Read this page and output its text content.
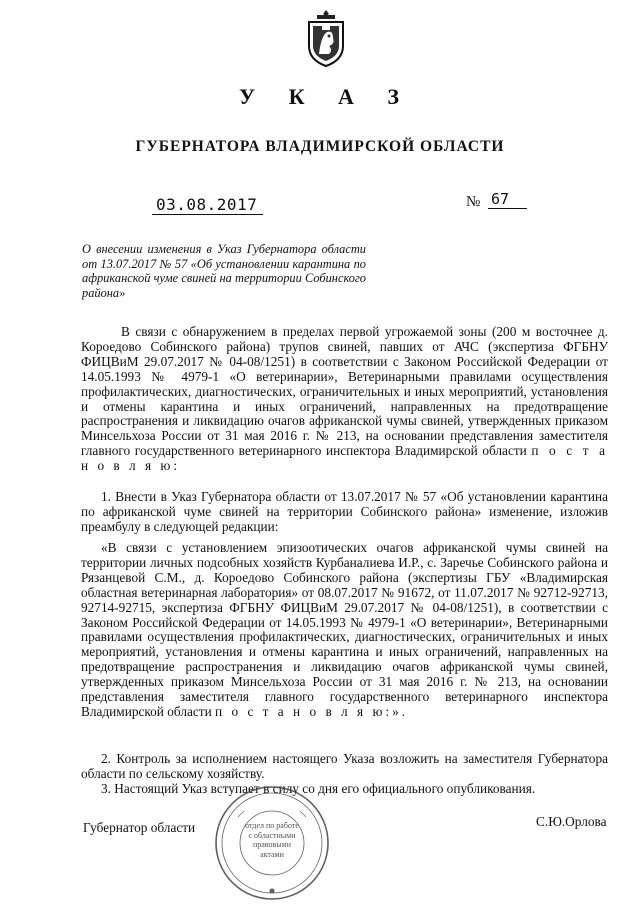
У К А З
ГУБЕРНАТОРА ВЛАДИМИРСКОЙ ОБЛАСТИ
03.08.2017	№ 67
О внесении изменения в Указ Губернатора области от 13.07.2017 № 57 «Об установлении карантина по африканской чуме свиней на территории Собинского района»

В связи с обнаружением в пределах первой угрожаемой зоны (200 м восточнее д. Короедово Собинского района) трупов свиней, павших от АЧС (экспертиза ФГБНУ ФИЦВиМ 29.07.2017 № 04-08/1251) в соответствии с Законом Российской Федерации от 14.05.1993 № 4979-1 «О ветеринарии», Ветеринарными правилами осуществления профилактических, диагностических, ограничительных и иных мероприятий, установления и отмены карантина и иных ограничений, направленных на предотвращение распространения и ликвидацию очагов африканской чумы свиней, утвержденных приказом Минсельхоза России от 31 мая 2016 г. № 213, на основании представления заместителя главного государственного ветеринарного инспектора Владимирской области п о с т а н о в л я ю:

1. Внести в Указ Губернатора области от 13.07.2017 № 57 «Об установлении карантина по африканской чуме свиней на территории Собинского района» изменение, изложив преамбулу в следующей редакции:

«В связи с установлением эпизоотических очагов африканской чумы свиней на территории личных подсобных хозяйств Курбаналиева И.Р., с. Заречье Собинского района и Рязанцевой С.М., д. Короедово Собинского района (экспертизы ГБУ «Владимирская областная ветеринарная лаборатория» от 08.07.2017 № 91672, от 11.07.2017 № 92712-92713, 92714-92715, экспертиза ФГБНУ ФИЦВиМ 29.07.2017 № 04-08/1251), в соответствии с Законом Российской Федерации от 14.05.1993 № 4979-1 «О ветеринарии», Ветеринарными правилами осуществления профилактических, диагностических, ограничительных и иных мероприятий, установления и отмены карантина и иных ограничений, направленных на предотвращение распространения и ликвидацию очагов африканской чумы свиней, утвержденных приказом Минсельхоза России от 31 мая 2016 г. № 213, на основании представления заместителя главного государственного ветеринарного инспектора Владимирской области п о с т а н о в л я ю:».

2. Контроль за исполнением настоящего Указа возложить на заместителя Губернатора области по сельскому хозяйству.

3. Настоящий Указ вступает в силу со дня его официального опубликования.

Губернатор области	С.Ю.Орлова
отдел по работе с областными правовыми актами
